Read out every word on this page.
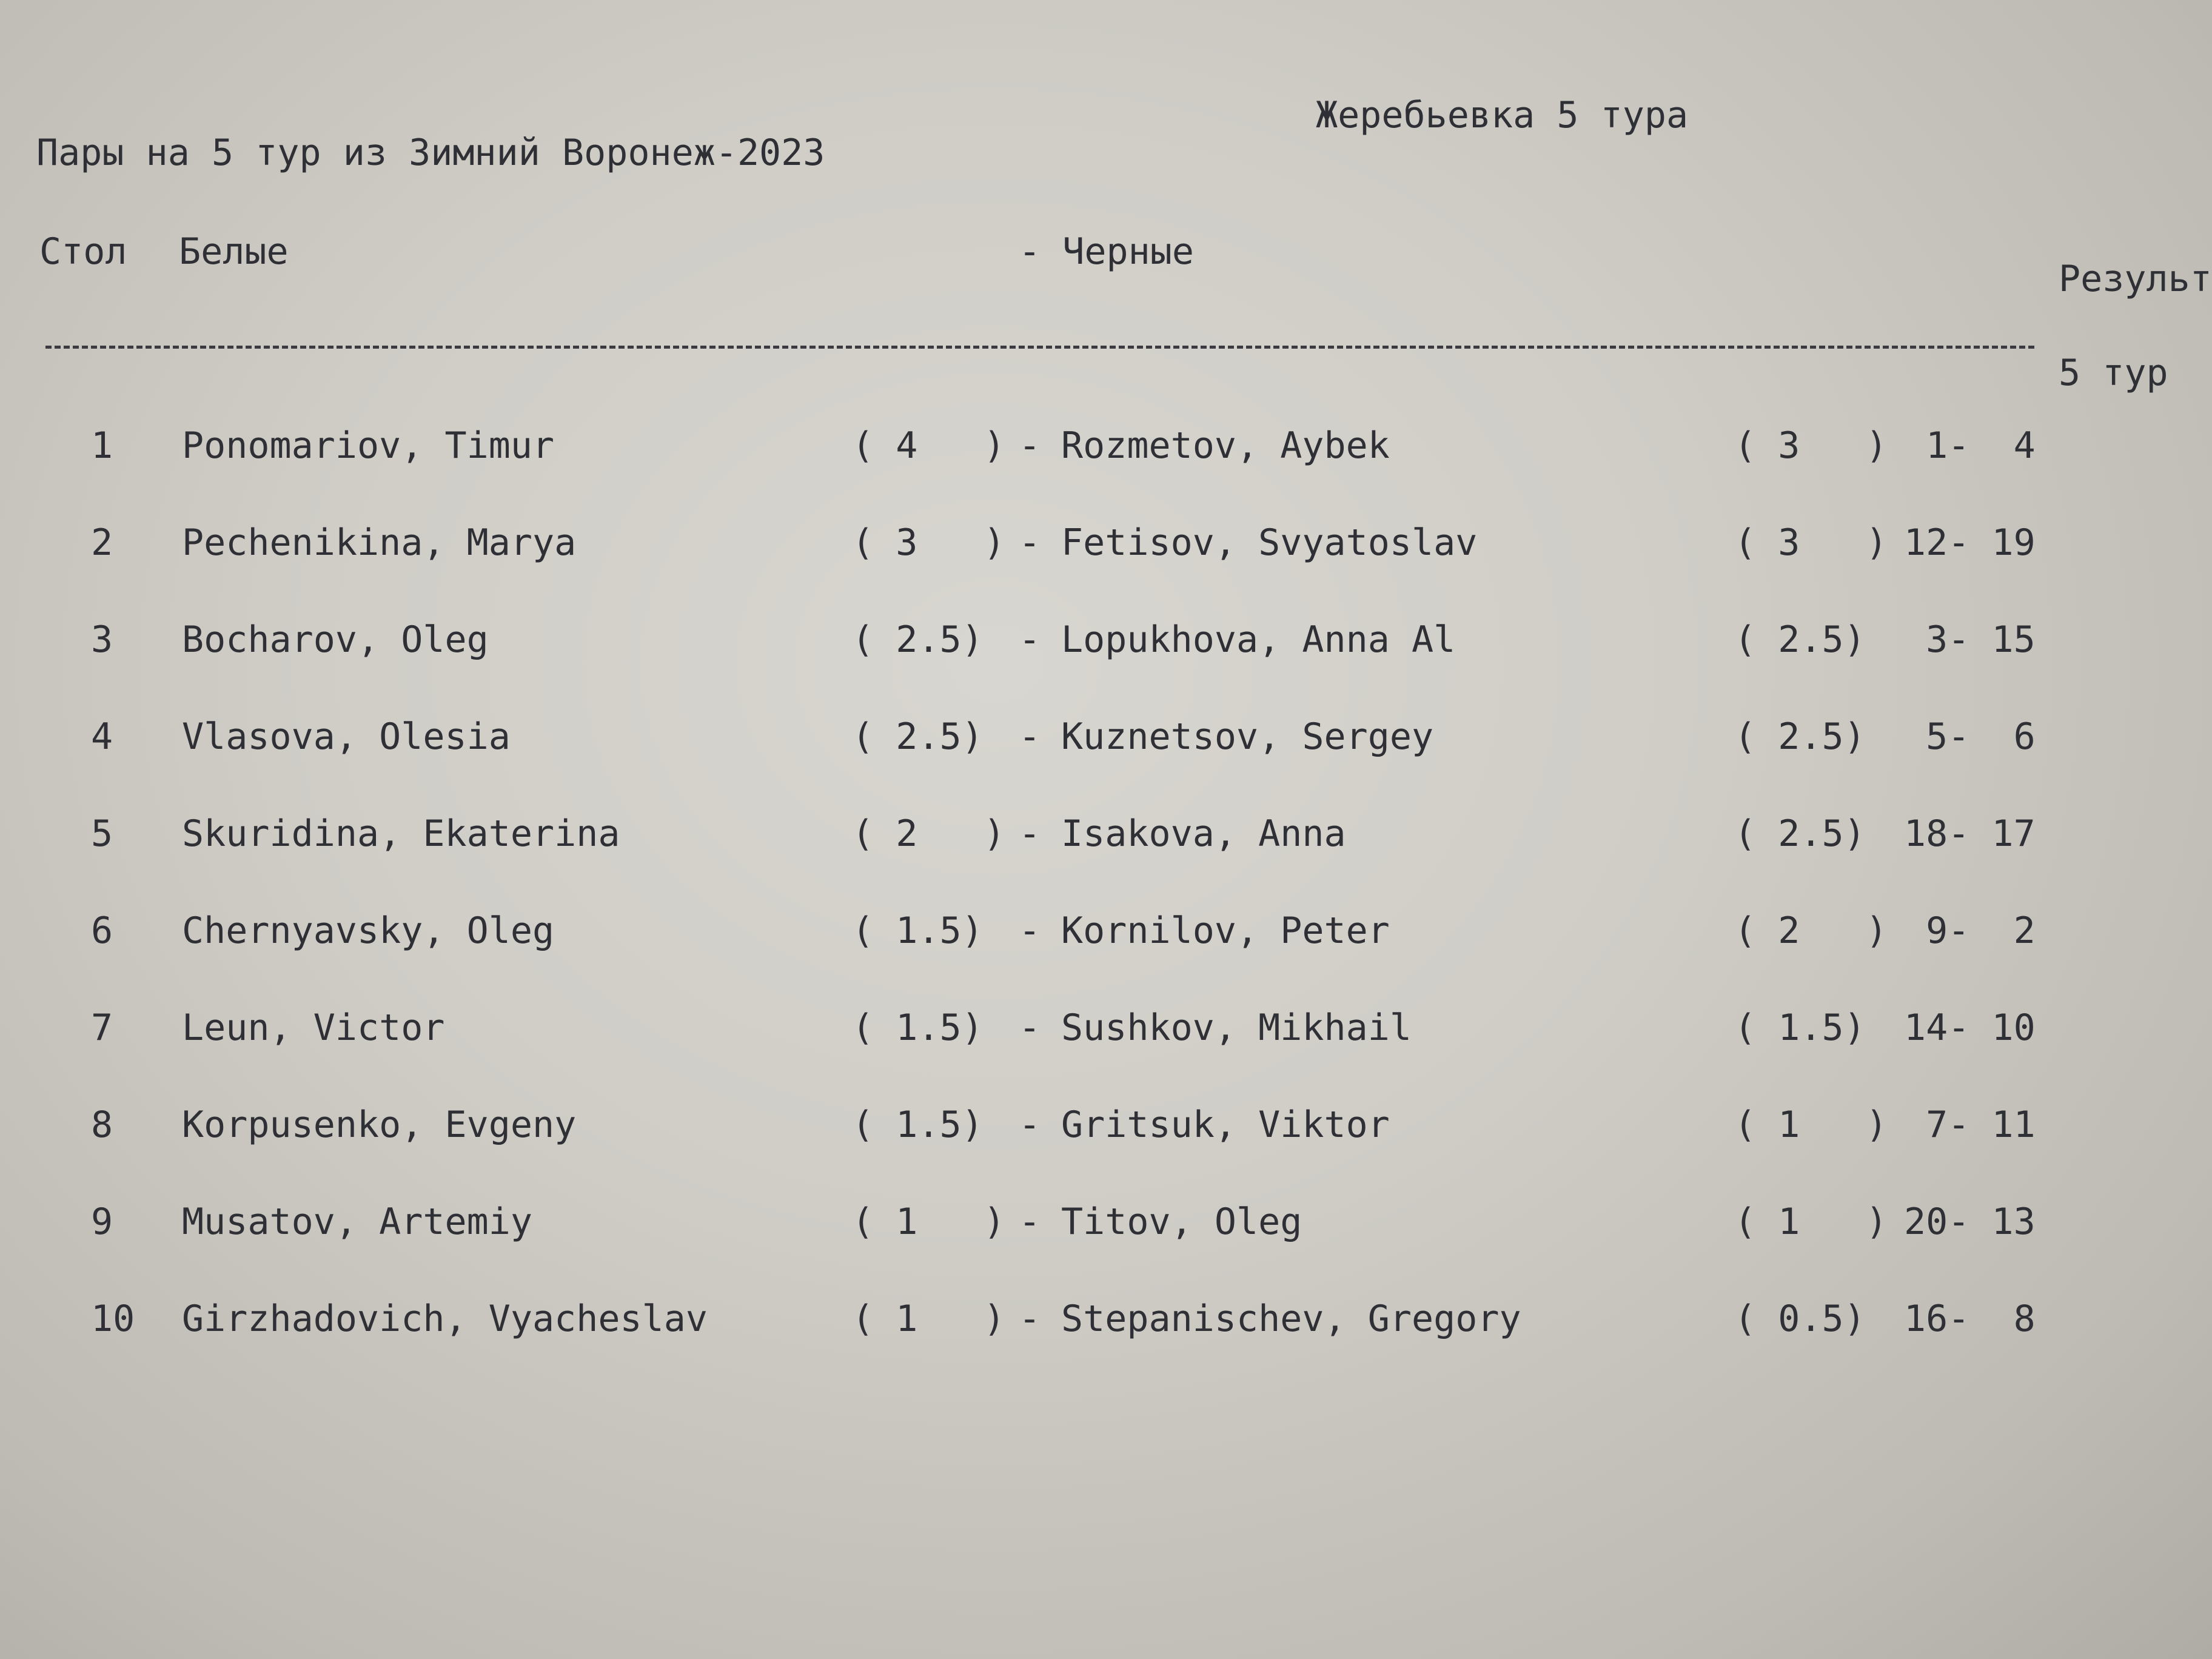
Жеребьевка 5 тура
Пары на 5 тур из Зимний Воронеж-2023
Стол Белые	- Черные
Результ
5 тур
1 Ponomariov, Timur	( 4   ) - Rozmetov, Aybek	( 3   ) 1-  4
2 Pechenikina, Marya	( 3   ) - Fetisov, Svyatoslav	( 3   ) 12- 19
3 Bocharov, Oleg	( 2.5) - Lopukhova, Anna Al	( 2.5) 3- 15
4 Vlasova, Olesia	( 2.5) - Kuznetsov, Sergey	( 2.5) 5-  6
5 Skuridina, Ekaterina	( 2   ) - Isakova, Anna	( 2.5) 18- 17
6 Chernyavsky, Oleg	( 1.5) - Kornilov, Peter	( 2   ) 9-  2
7 Leun, Victor	( 1.5) - Sushkov, Mikhail	( 1.5) 14- 10
8 Korpusenko, Evgeny	( 1.5) - Gritsuk, Viktor	( 1   ) 7- 11
9 Musatov, Artemiy	( 1   ) - Titov, Oleg	( 1   ) 20- 13
10 Girzhadovich, Vyacheslav	( 1   ) - Stepanischev, Gregory	( 0.5) 16-  8
